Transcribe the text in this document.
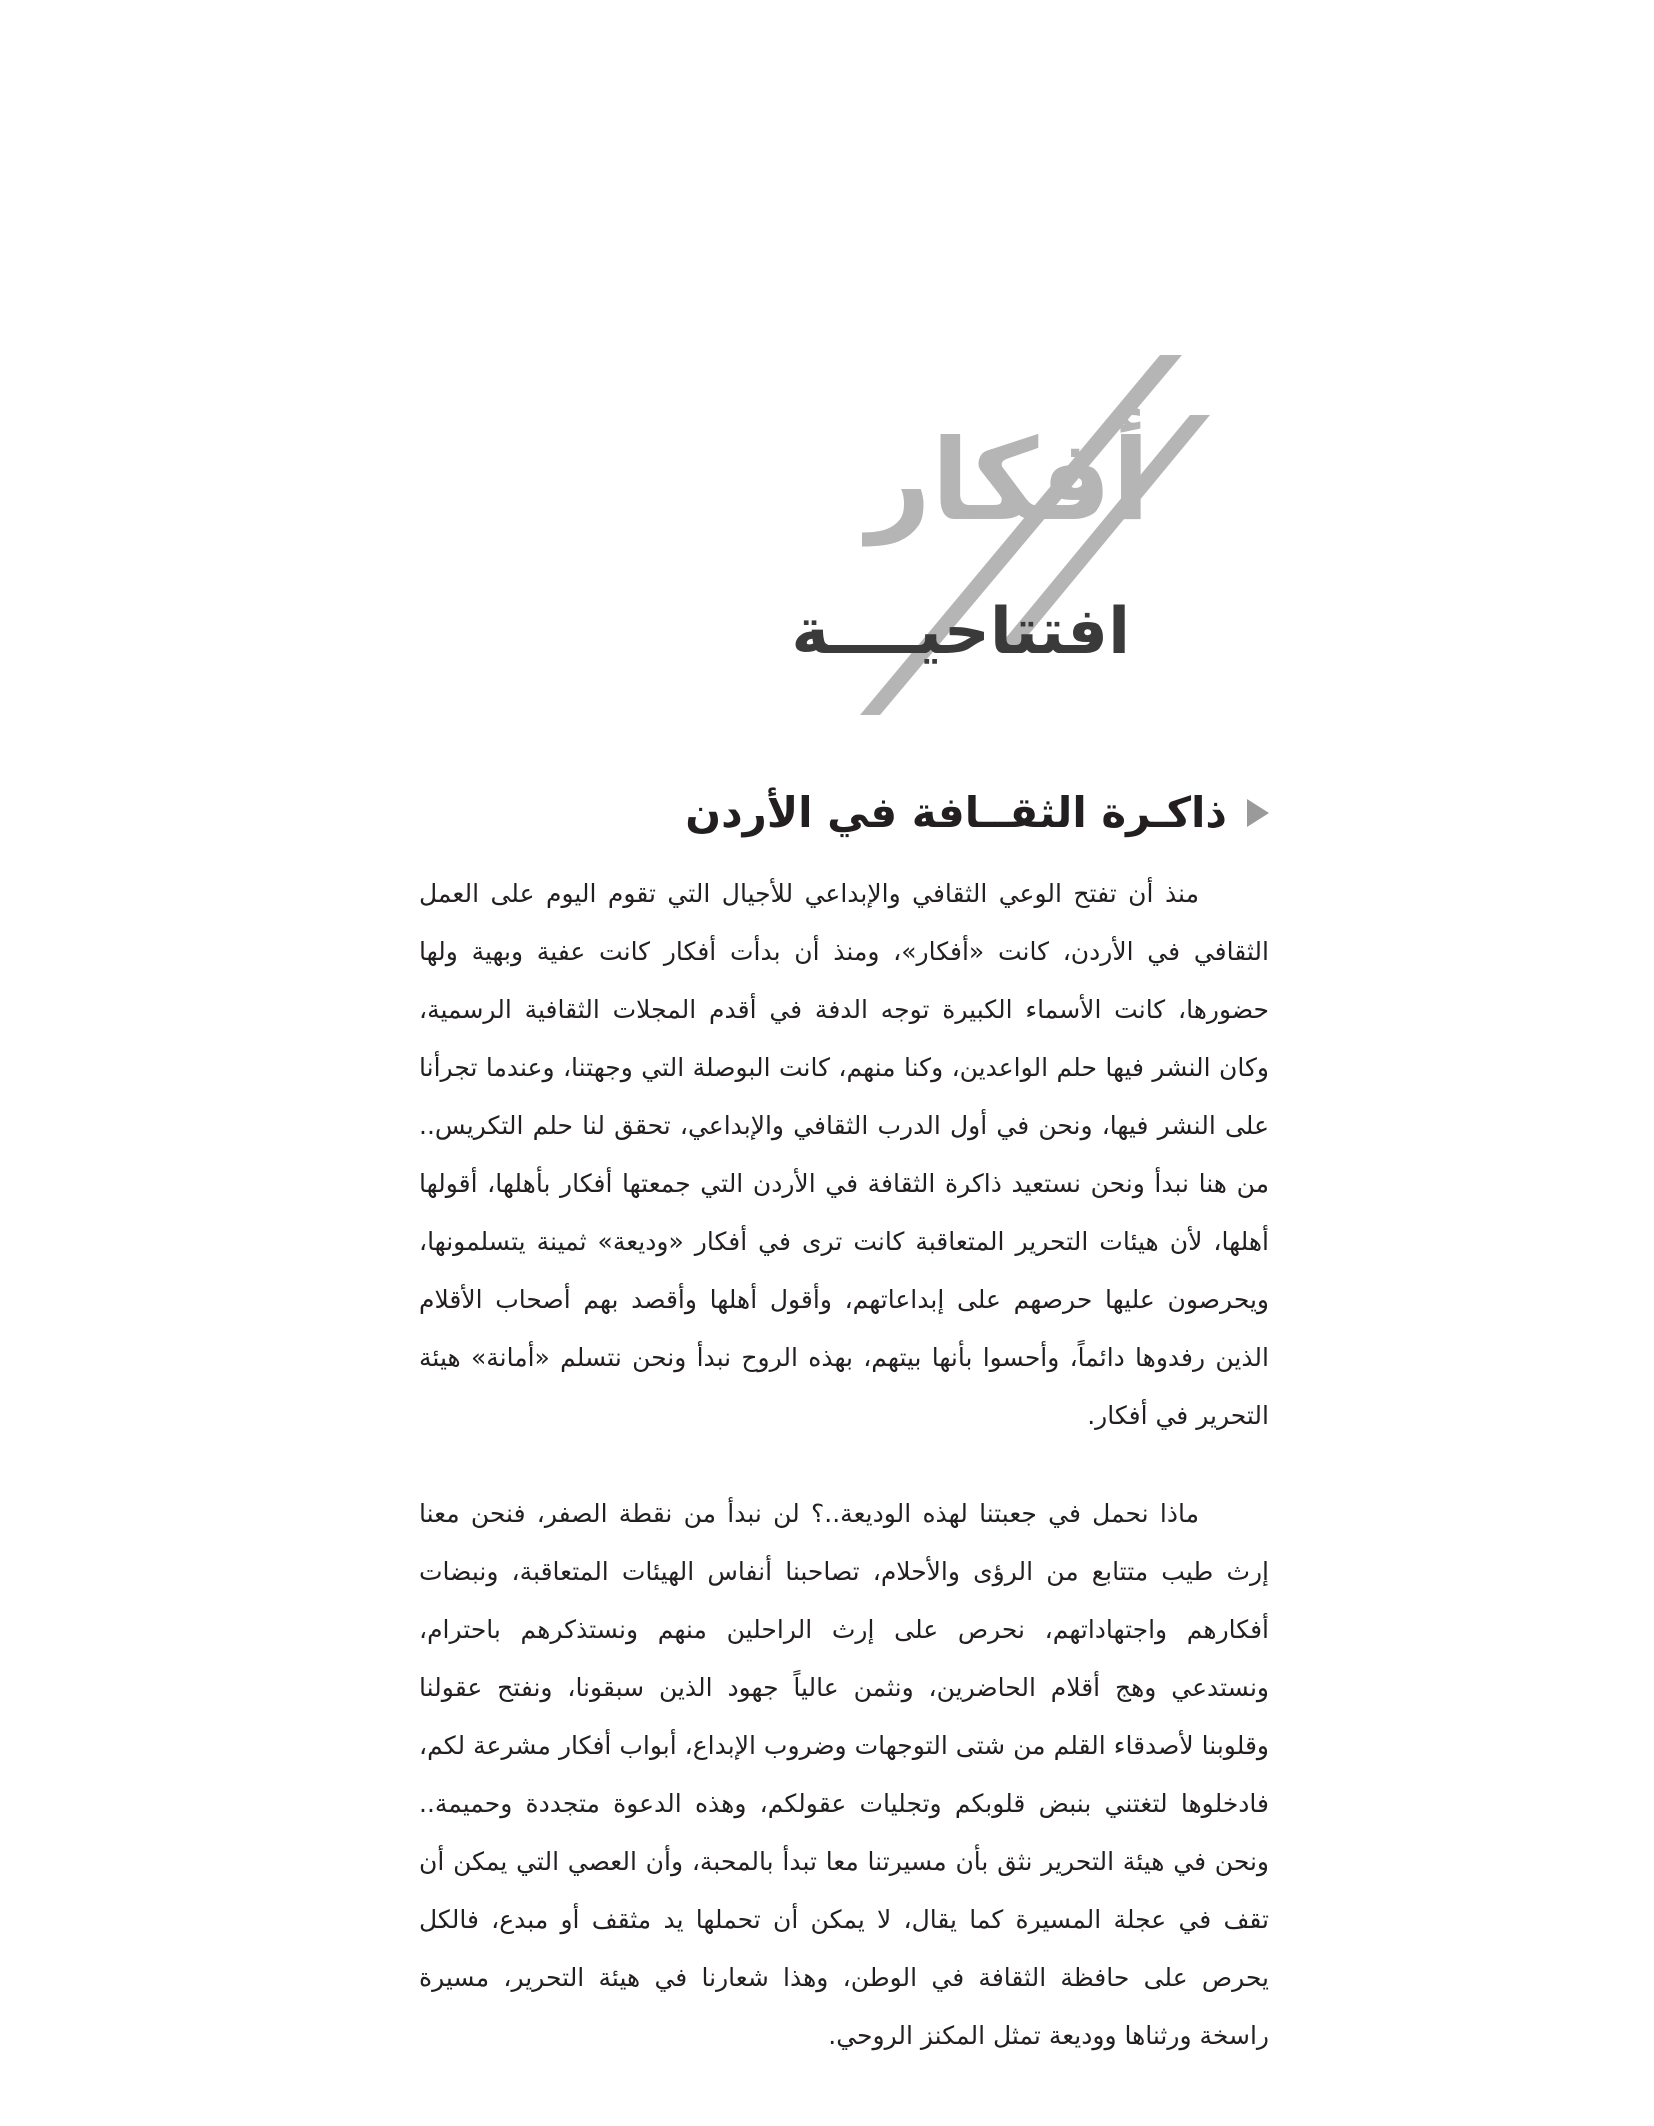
أفكار
افتتاحيــــة
ذاكـرة الثقــافة في الأردن

منذ أن تفتح الوعي الثقافي والإبداعي للأجيال التي تقوم اليوم على العمل الثقافي في الأردن، كانت «أفكار»، ومنذ أن بدأت أفكار كانت عفية وبهية ولها حضورها، كانت الأسماء الكبيرة توجه الدفة في أقدم المجلات الثقافية الرسمية، وكان النشر فيها حلم الواعدين، وكنا منهم، كانت البوصلة التي وجهتنا، وعندما تجرأنا على النشر فيها، ونحن في أول الدرب الثقافي والإبداعي، تحقق لنا حلم التكريس.. من هنا نبدأ ونحن نستعيد ذاكرة الثقافة في الأردن التي جمعتها أفكار بأهلها، أقولها أهلها، لأن هيئات التحرير المتعاقبة كانت ترى في أفكار «وديعة» ثمينة يتسلمونها، ويحرصون عليها حرصهم على إبداعاتهم، وأقول أهلها وأقصد بهم أصحاب الأقلام الذين رفدوها دائماً، وأحسوا بأنها بيتهم، بهذه الروح نبدأ ونحن نتسلم «أمانة» هيئة التحرير في أفكار.

ماذا نحمل في جعبتنا لهذه الوديعة..؟ لن نبدأ من نقطة الصفر، فنحن معنا إرث طيب متتابع من الرؤى والأحلام، تصاحبنا أنفاس الهيئات المتعاقبة، ونبضات أفكارهم واجتهاداتهم، نحرص على إرث الراحلين منهم ونستذكرهم باحترام، ونستدعي وهج أقلام الحاضرين، ونثمن عالياً جهود الذين سبقونا، ونفتح عقولنا وقلوبنا لأصدقاء القلم من شتى التوجهات وضروب الإبداع، أبواب أفكار مشرعة لكم، فادخلوها لتغتني بنبض قلوبكم وتجليات عقولكم، وهذه الدعوة متجددة وحميمة.. ونحن في هيئة التحرير نثق بأن مسيرتنا معا تبدأ بالمحبة، وأن العصي التي يمكن أن تقف في عجلة المسيرة كما يقال، لا يمكن أن تحملها يد مثقف أو مبدع، فالكل يحرص على حافظة الثقافة في الوطن، وهذا شعارنا في هيئة التحرير، مسيرة راسخة ورثناها ووديعة تمثل المكنز الروحي.
